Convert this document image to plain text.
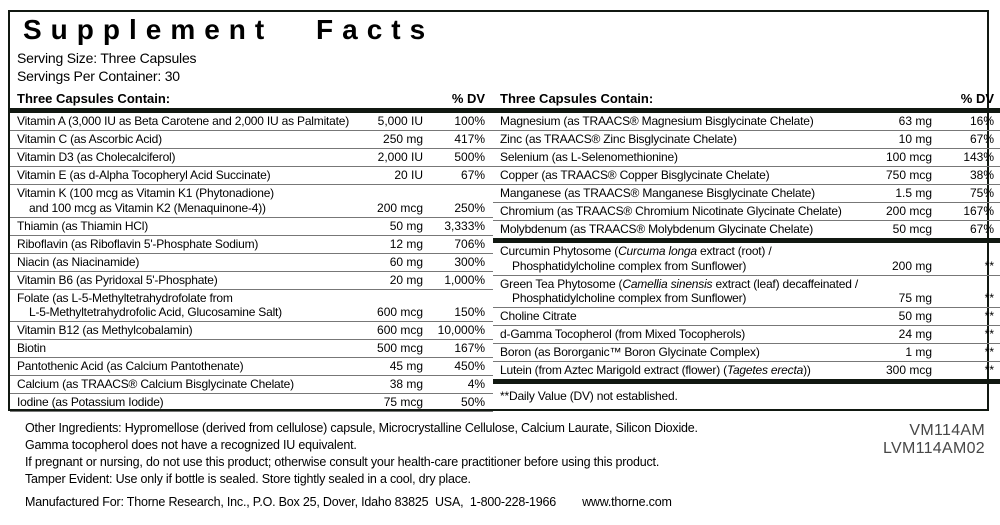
Supplement Facts
Serving Size: Three Capsules
Servings Per Container: 30
Three Capsules Contain:	% DV
Vitamin A (3,000 IU as Beta Carotene and 2,000 IU as Palmitate)	5,000 IU	100%
Vitamin C (as Ascorbic Acid)	250 mg	417%
Vitamin D3 (as Cholecalciferol)	2,000 IU	500%
Vitamin E (as d-Alpha Tocopheryl Acid Succinate)	20 IU	67%
Vitamin K (100 mcg as Vitamin K1 (Phytonadione)
and 100 mcg as Vitamin K2 (Menaquinone-4))	200 mcg	250%
Thiamin (as Thiamin HCl)	50 mg	3,333%
Riboflavin (as Riboflavin 5'-Phosphate Sodium)	12 mg	706%
Niacin (as Niacinamide)	60 mg	300%
Vitamin B6 (as Pyridoxal 5'-Phosphate)	20 mg	1,000%
Folate (as L-5-Methyltetrahydrofolate from
L-5-Methyltetrahydrofolic Acid, Glucosamine Salt)	600 mcg	150%
Vitamin B12 (as Methylcobalamin)	600 mcg	10,000%
Biotin	500 mcg	167%
Pantothenic Acid (as Calcium Pantothenate)	45 mg	450%
Calcium (as TRAACS® Calcium Bisglycinate Chelate)	38 mg	4%
Iodine (as Potassium Iodide)	75 mcg	50%
Three Capsules Contain:	% DV
Magnesium (as TRAACS® Magnesium Bisglycinate Chelate)	63 mg	16%
Zinc (as TRAACS® Zinc Bisglycinate Chelate)	10 mg	67%
Selenium (as L-Selenomethionine)	100 mcg	143%
Copper (as TRAACS® Copper Bisglycinate Chelate)	750 mcg	38%
Manganese (as TRAACS® Manganese Bisglycinate Chelate)	1.5 mg	75%
Chromium (as TRAACS® Chromium Nicotinate Glycinate Chelate)	200 mcg	167%
Molybdenum (as TRAACS® Molybdenum Glycinate Chelate)	50 mcg	67%
Curcumin Phytosome (Curcuma longa extract (root) /
Phosphatidylcholine complex from Sunflower)	200 mg	**
Green Tea Phytosome (Camellia sinensis extract (leaf) decaffeinated /
Phosphatidylcholine complex from Sunflower)	75 mg	**
Choline Citrate	50 mg	**
d-Gamma Tocopherol (from Mixed Tocopherols)	24 mg	**
Boron (as Bororganic™ Boron Glycinate Complex)	1 mg	**
Lutein (from Aztec Marigold extract (flower) (Tagetes erecta))	300 mcg	**
**Daily Value (DV) not established.
Other Ingredients: Hypromellose (derived from cellulose) capsule, Microcrystalline Cellulose, Calcium Laurate, Silicon Dioxide.
Gamma tocopherol does not have a recognized IU equivalent.
If pregnant or nursing, do not use this product; otherwise consult your health-care practitioner before using this product.
Tamper Evident: Use only if bottle is sealed. Store tightly sealed in a cool, dry place.
Manufactured For: Thorne Research, Inc., P.O. Box 25, Dover, Idaho 83825  USA,  1-800-228-1966 www.thorne.com
VM114AM
LVM114AM02
